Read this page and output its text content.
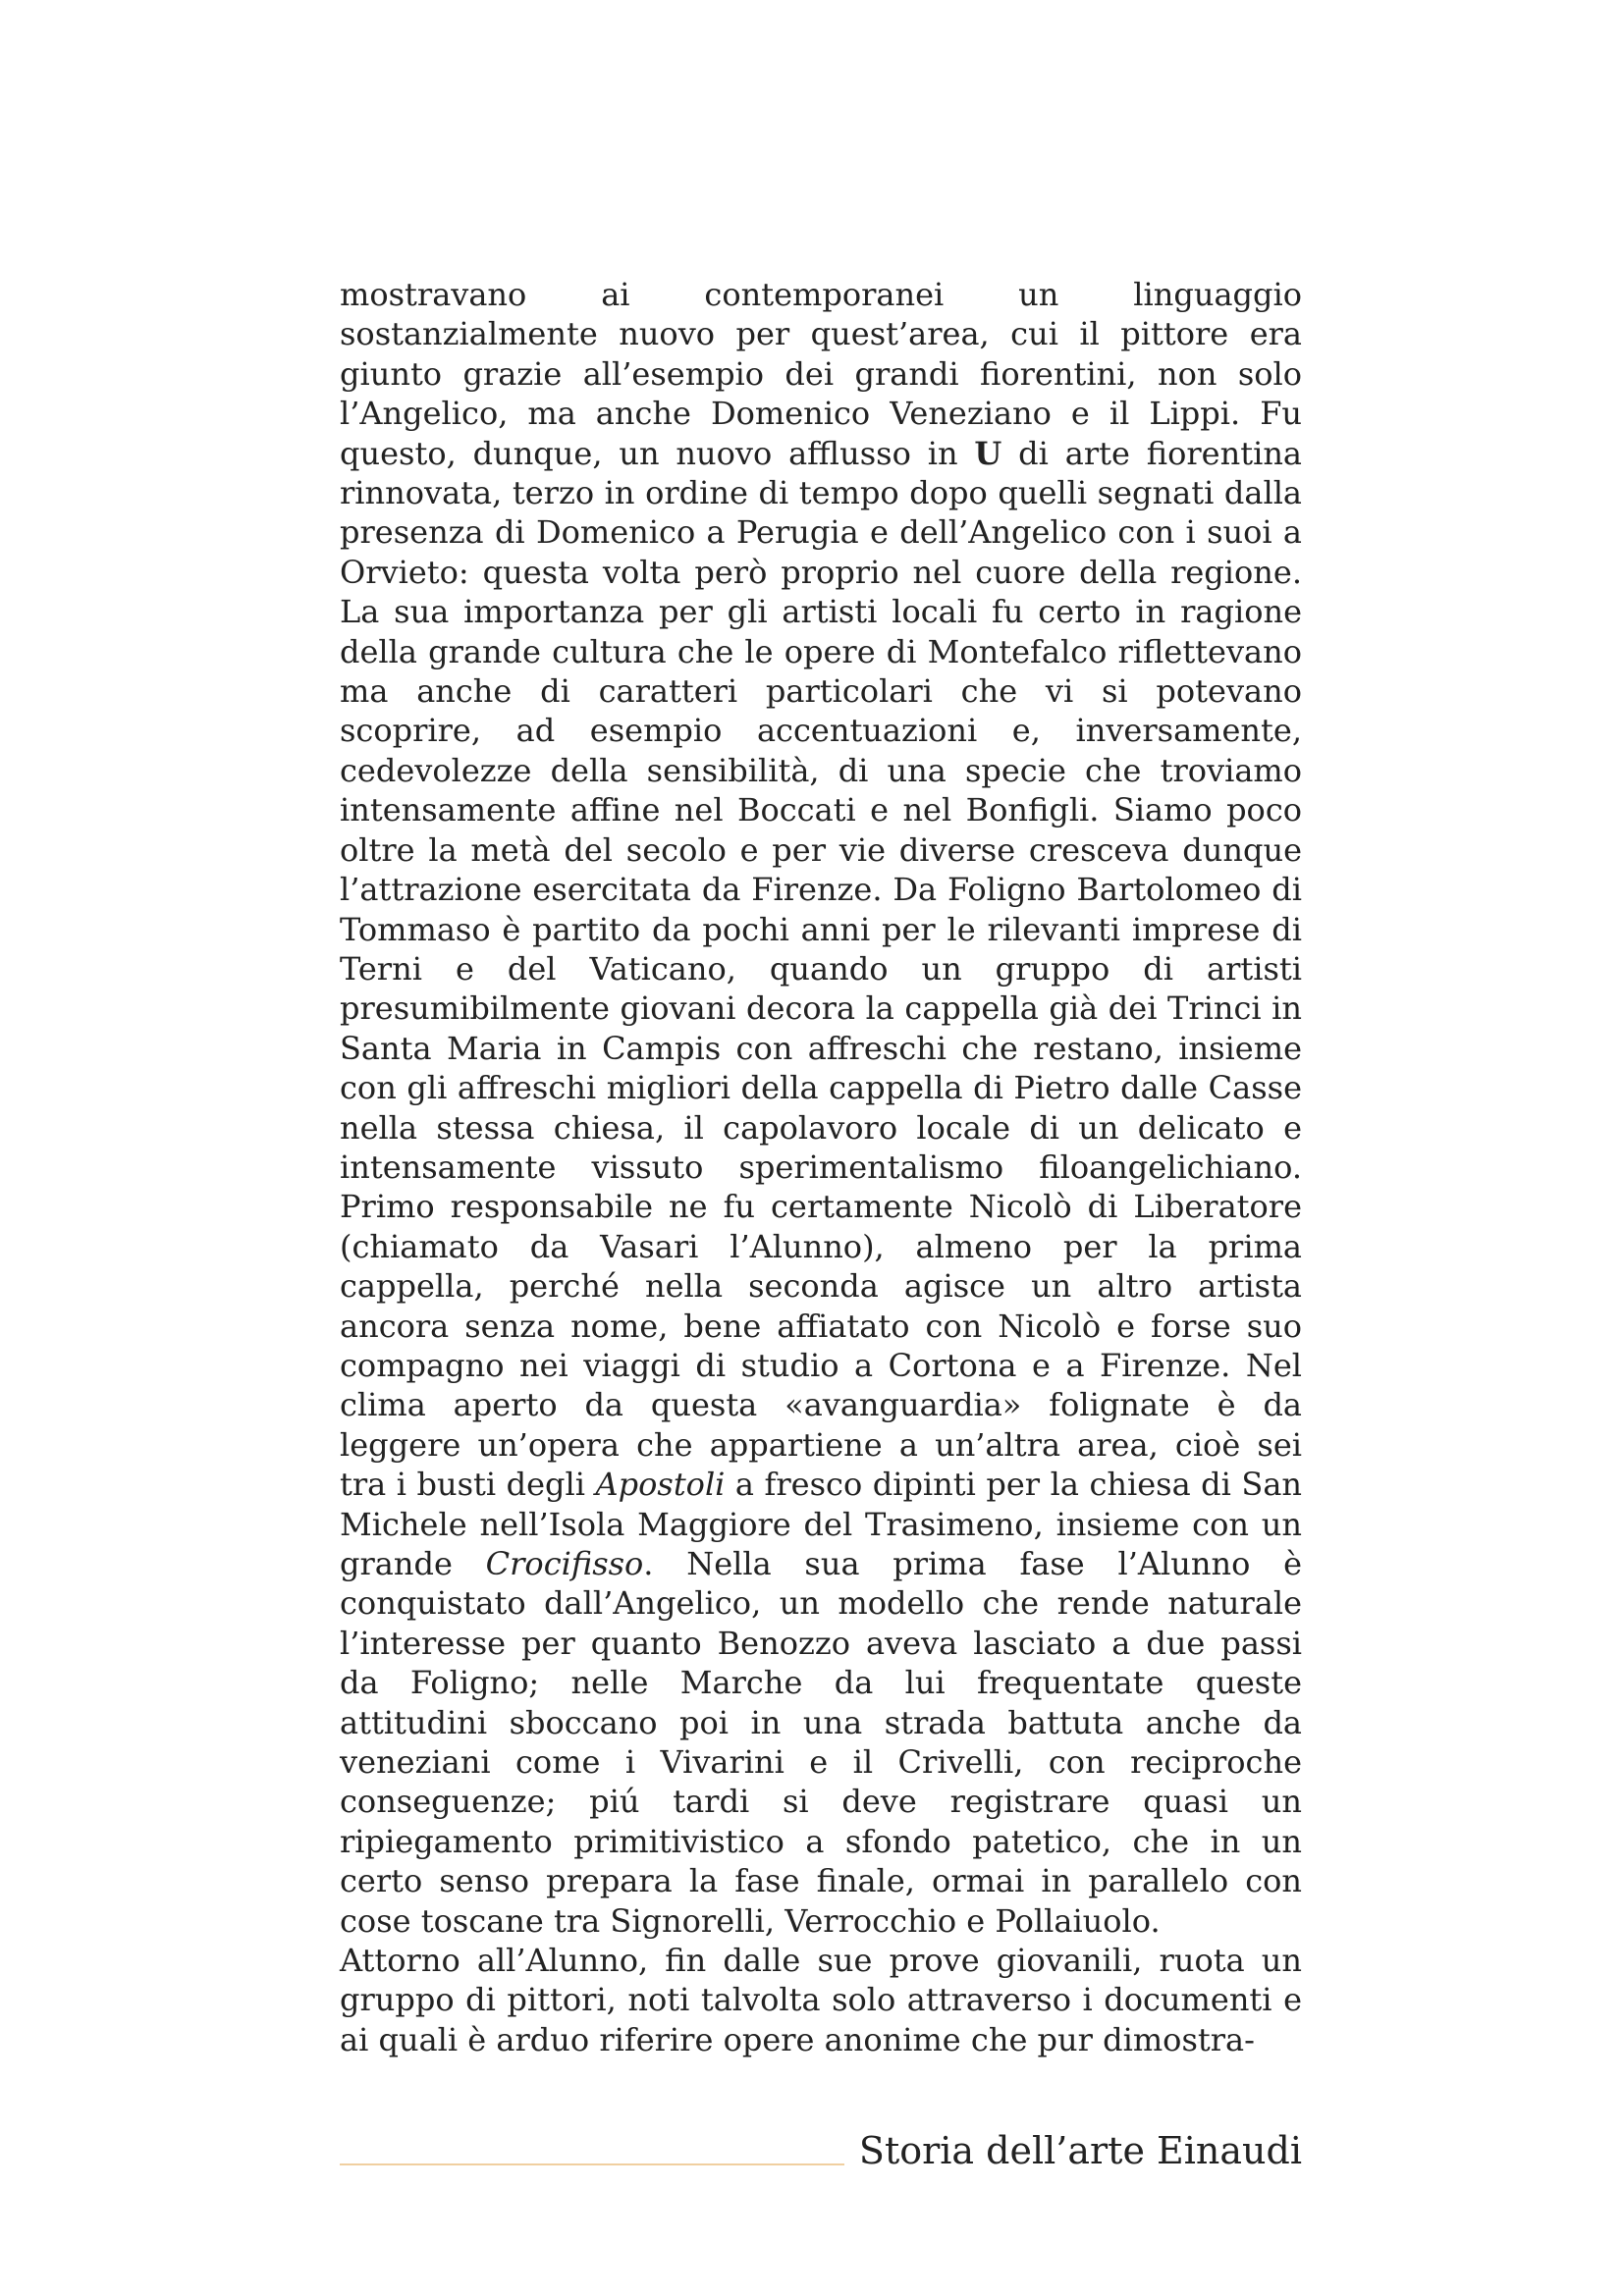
mostravano ai contemporanei un linguaggio sostanzialmente nuovo per quest’area, cui il pittore era giunto grazie all’esempio dei grandi fiorentini, non solo l’Angelico, ma anche Domenico Veneziano e il Lippi. Fu questo, dunque, un nuovo afflusso in U di arte fiorentina rinnovata, terzo in ordine di tempo dopo quelli segnati dalla presenza di Domenico a Perugia e dell’Angelico con i suoi a Orvieto: questa volta però proprio nel cuore della regione. La sua importanza per gli artisti locali fu certo in ragione della grande cultura che le opere di Montefalco riflettevano ma anche di caratteri particolari che vi si potevano scoprire, ad esempio accentuazioni e, inversamente, cedevolezze della sensibilità, di una specie che troviamo intensamente affine nel Boccati e nel Bonfigli. Siamo poco oltre la metà del secolo e per vie diverse cresceva dunque l’attrazione esercitata da Firenze. Da Foligno Bartolomeo di Tommaso è partito da pochi anni per le rilevanti imprese di Terni e del Vaticano, quando un gruppo di artisti presumibilmente giovani decora la cappella già dei Trinci in Santa Maria in Campis con affreschi che restano, insieme con gli affreschi migliori della cappella di Pietro dalle Casse nella stessa chiesa, il capolavoro locale di un delicato e intensamente vissuto sperimentalismo filoangelichiano. Primo responsabile ne fu certamente Nicolò di Liberatore (chiamato da Vasari l’Alunno), almeno per la prima cappella, perché nella seconda agisce un altro artista ancora senza nome, bene affiatato con Nicolò e forse suo compagno nei viaggi di studio a Cortona e a Firenze. Nel clima aperto da questa «avanguardia» folignate è da leggere un’opera che appartiene a un’altra area, cioè sei tra i busti degli Apostoli a fresco dipinti per la chiesa di San Michele nell’Isola Maggiore del Trasimeno, insieme con un grande Crocifisso. Nella sua prima fase l’Alunno è conquistato dall’Angelico, un modello che rende naturale l’interesse per quanto Benozzo aveva lasciato a due passi da Foligno; nelle Marche da lui frequentate queste attitudini sboccano poi in una strada battuta anche da veneziani come i Vivarini e il Crivelli, con reciproche conseguenze; piú tardi si deve registrare quasi un ripiegamento primitivistico a sfondo patetico, che in un certo senso prepara la fase finale, ormai in parallelo con cose toscane tra Signorelli, Verrocchio e Pollaiuolo.

Attorno all’Alunno, fin dalle sue prove giovanili, ruota un gruppo di pittori, noti talvolta solo attraverso i documenti e ai quali è arduo riferire opere anonime che pur dimostra-

Storia dell’arte Einaudi
